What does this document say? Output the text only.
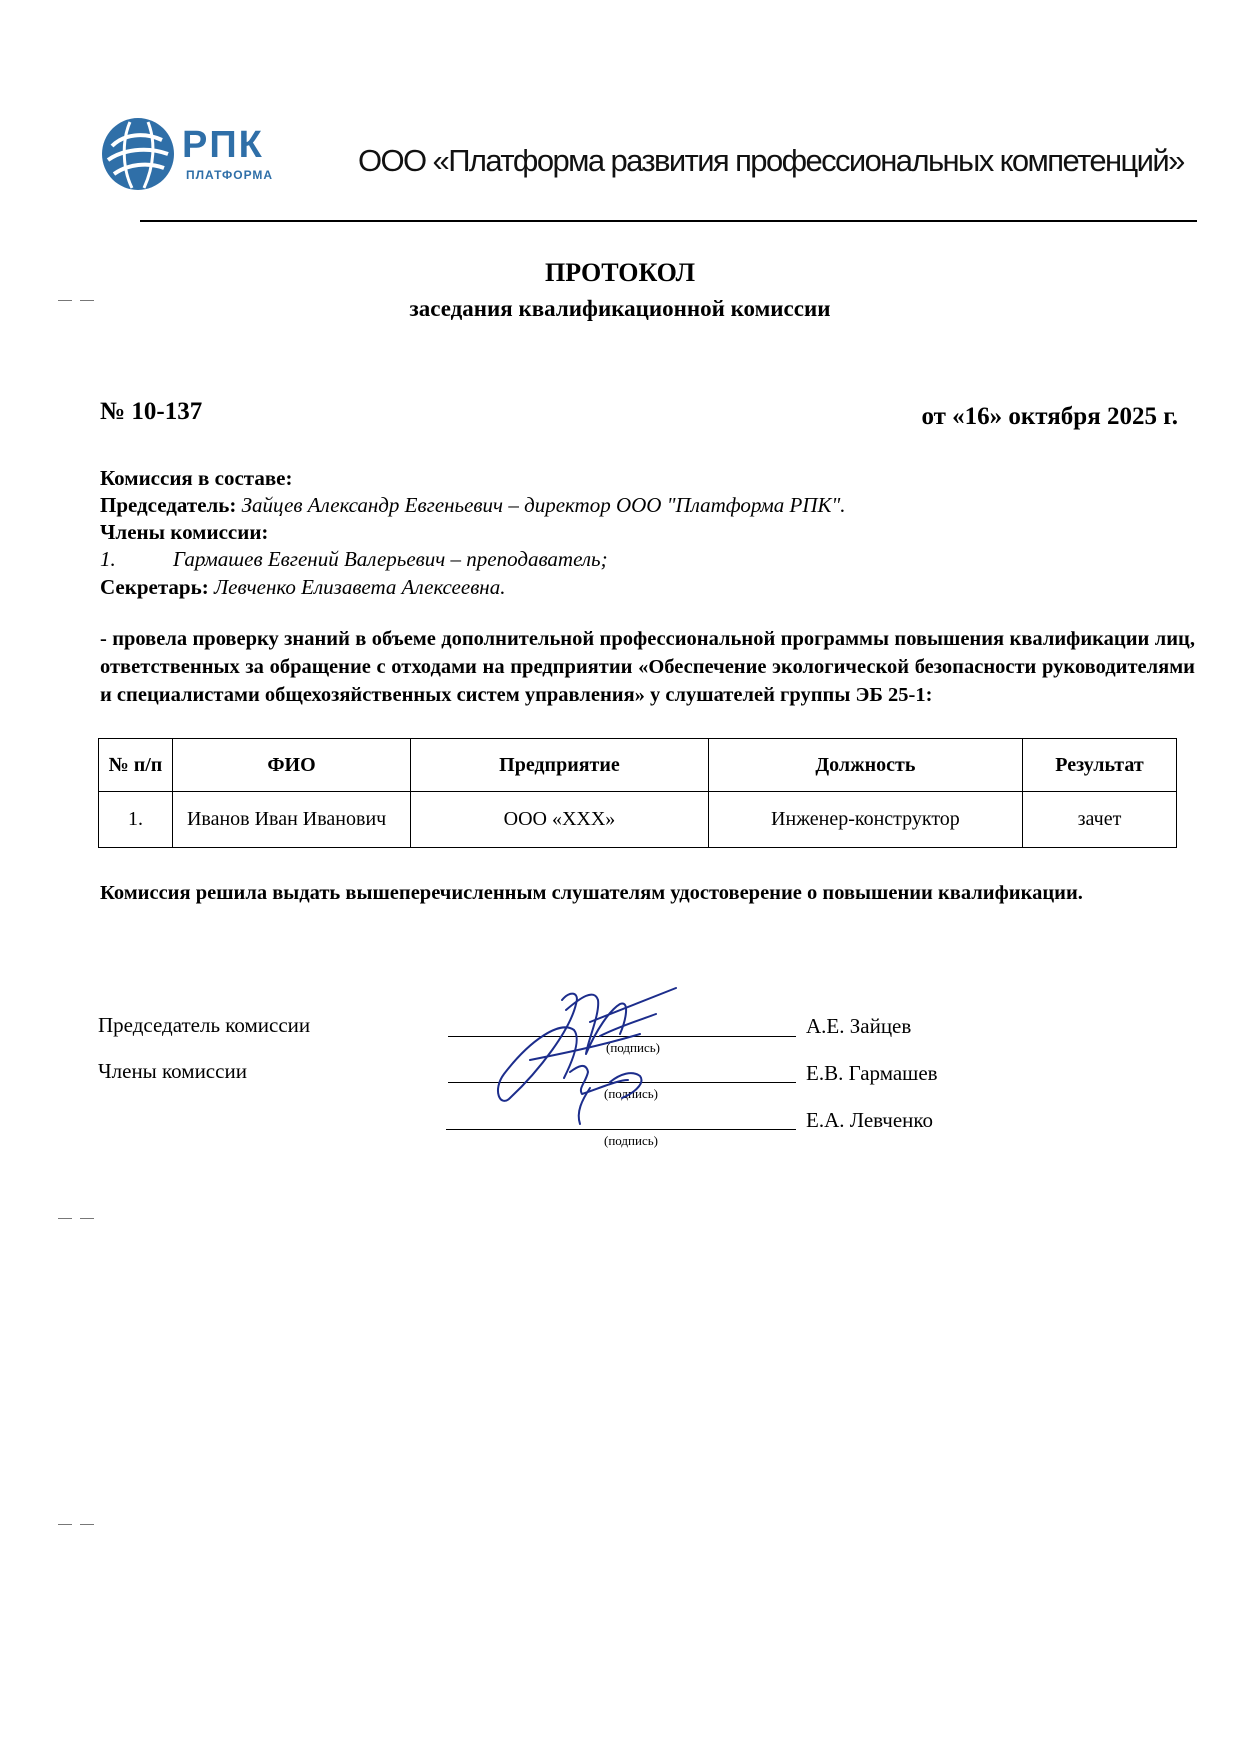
РПК
ПЛАТФОРМА	ООО «Платформа развития профессиональных компетенций»
ПРОТОКОЛ
заседания квалификационной комиссии
№ 10-137	от «16» октября 2025 г.
Комиссия в составе:
Председатель: Зайцев Александр Евгеньевич – директор ООО "Платформа РПК".
Члены комиссии:
1.	Гармашев Евгений Валерьевич – преподаватель;
Секретарь: Левченко Елизавета Алексеевна.
- провела проверку знаний в объеме дополнительной профессиональной программы повышения квалификации лиц, ответственных за обращение с отходами на предприятии «Обеспечение экологической безопасности руководителями и специалистами общехозяйственных систем управления» у слушателей группы ЭБ 25-1:
№ п/п	ФИО	Предприятие	Должность	Результат
1.	Иванов Иван Иванович	ООО «XXX»	Инженер-конструктор	зачет
Комиссия решила выдать вышеперечисленным слушателям удостоверение о повышении квалификации.
Председатель комиссии
Члены комиссии
(подпись)
(подпись)
(подпись)
А.Е. Зайцев
Е.В. Гармашев
Е.А. Левченко
